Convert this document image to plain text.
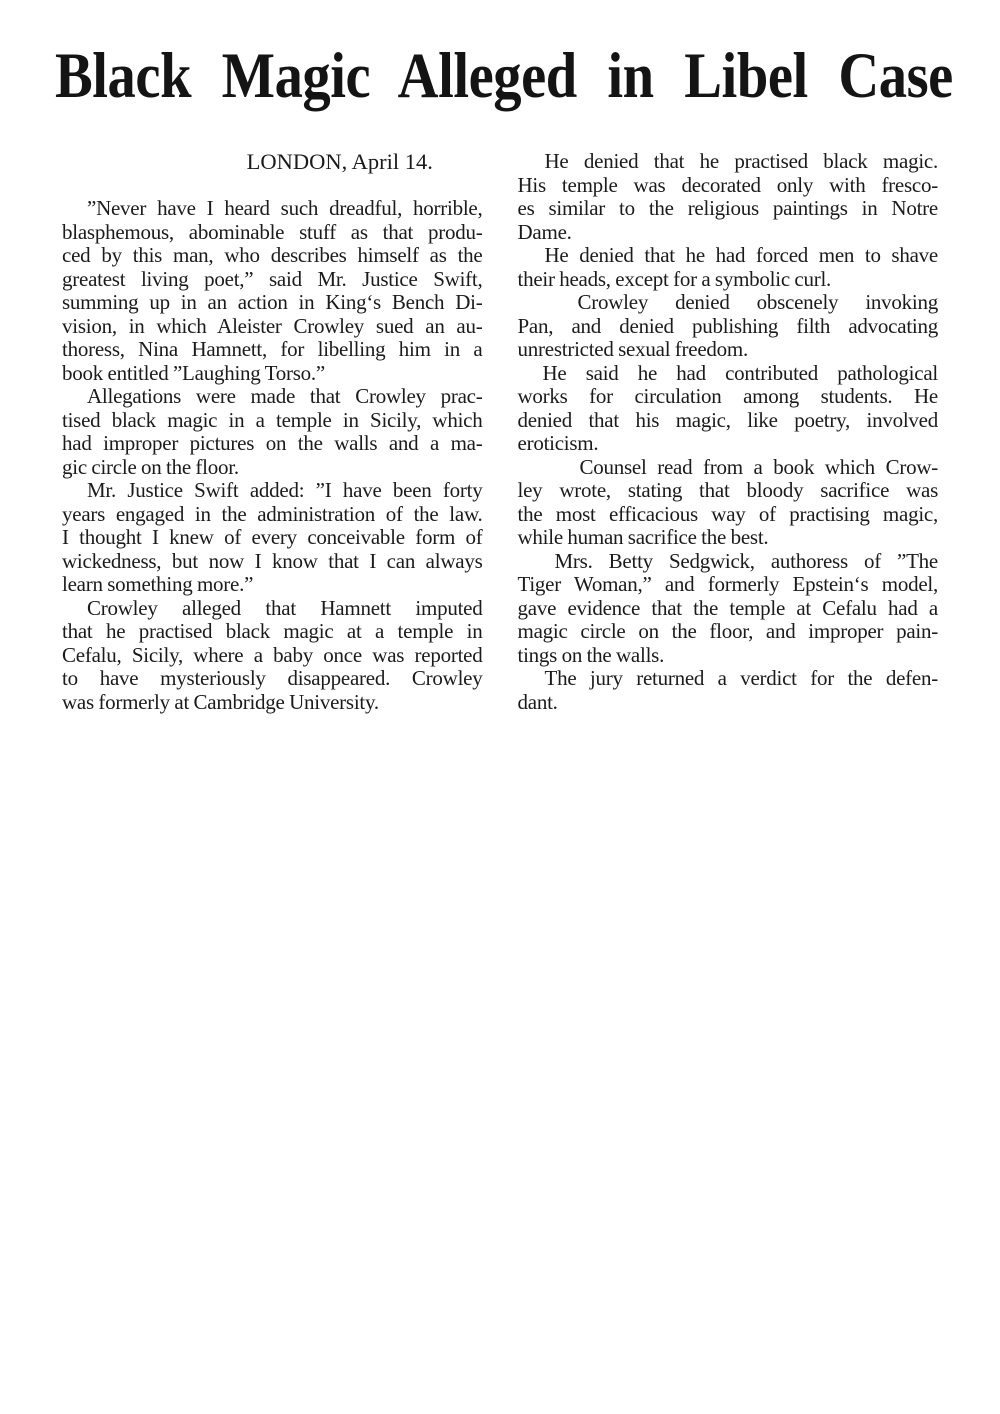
Black Magic Alleged in Libel Case
LONDON, April 14.
”Never have I heard such dreadful, horrible,
blasphemous, abominable stuff as that produ-
ced by this man, who describes himself as the
greatest living poet,” said Mr. Justice Swift,
summing up in an action in King‘s Bench Di-
vision, in which Aleister Crowley sued an au-
thoress, Nina Hamnett, for libelling him in a
book entitled ”Laughing Torso.”
Allegations were made that Crowley prac-
tised black magic in a temple in Sicily, which
had improper pictures on the walls and a ma-
gic circle on the floor.
Mr. Justice Swift added: ”I have been forty
years engaged in the administration of the law.
I thought I knew of every conceivable form of
wickedness, but now I know that I can always
learn something more.”
Crowley alleged that Hamnett imputed
that he practised black magic at a temple in
Cefalu, Sicily, where a baby once was reported
to have mysteriously disappeared. Crowley
was formerly at Cambridge University.
He denied that he practised black magic.
His temple was decorated only with fresco-
es similar to the religious paintings in Notre
Dame.
He denied that he had forced men to shave
their heads, except for a symbolic curl.
Crowley denied obscenely invoking
Pan, and denied publishing filth advocating
unrestricted sexual freedom.
He said he had contributed pathological
works for circulation among students. He
denied that his magic, like poetry, involved
eroticism.
Counsel read from a book which Crow-
ley wrote, stating that bloody sacrifice was
the most efficacious way of practising magic,
while human sacrifice the best.
Mrs. Betty Sedgwick, authoress of ”The
Tiger Woman,” and formerly Epstein‘s model,
gave evidence that the temple at Cefalu had a
magic circle on the floor, and improper pain-
tings on the walls.
The jury returned a verdict for the defen-
dant.
